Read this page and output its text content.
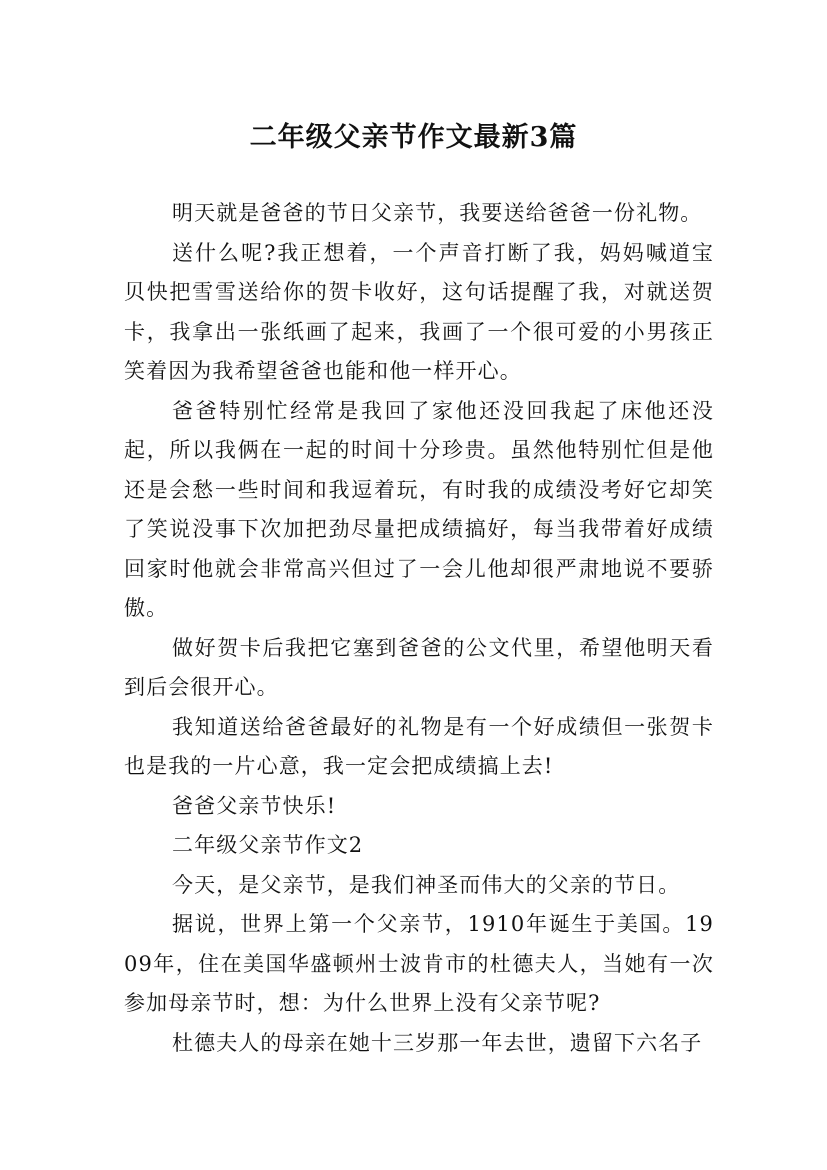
二年级父亲节作文最新3篇

明天就是爸爸的节日父亲节，我要送给爸爸一份礼物。

送什么呢?我正想着，一个声音打断了我，妈妈喊道宝贝快把雪雪送给你的贺卡收好，这句话提醒了我，对就送贺卡，我拿出一张纸画了起来，我画了一个很可爱的小男孩正笑着因为我希望爸爸也能和他一样开心。

爸爸特别忙经常是我回了家他还没回我起了床他还没起，所以我俩在一起的时间十分珍贵。虽然他特别忙但是他还是会愁一些时间和我逗着玩，有时我的成绩没考好它却笑了笑说没事下次加把劲尽量把成绩搞好，每当我带着好成绩回家时他就会非常高兴但过了一会儿他却很严肃地说不要骄傲。

做好贺卡后我把它塞到爸爸的公文代里，希望他明天看到后会很开心。

我知道送给爸爸最好的礼物是有一个好成绩但一张贺卡也是我的一片心意，我一定会把成绩搞上去!

爸爸父亲节快乐!

二年级父亲节作文2

今天，是父亲节，是我们神圣而伟大的父亲的节日。

据说，世界上第一个父亲节，1910年诞生于美国。1909年，住在美国华盛顿州士波肯市的杜德夫人，当她有一次参加母亲节时，想：为什么世界上没有父亲节呢?

杜德夫人的母亲在她十三岁那一年去世，遗留下六名子
